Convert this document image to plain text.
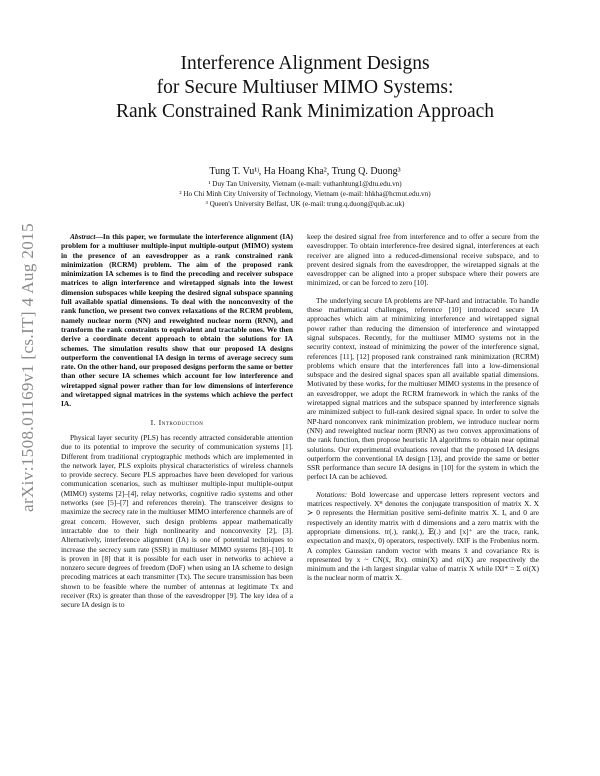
arXiv:1508.01169v1 [cs.IT] 4 Aug 2015
Interference Alignment Designs
for Secure Multiuser MIMO Systems:
Rank Constrained Rank Minimization Approach
Tung T. Vu¹ʲ, Ha Hoang Kha², Trung Q. Duong³
¹ Duy Tan University, Vietnam (e-mail: vuthanhtung1@dtu.edu.vn)
² Ho Chi Minh City University of Technology, Vietnam (e-mail: hhkha@hcmut.edu.vn)
³ Queen's University Belfast, UK (e-mail: trung.q.duong@qub.ac.uk)

Abstract—In this paper, we formulate the interference alignment (IA) problem for a multiuser multiple-input multiple-output (MIMO) system in the presence of an eavesdropper as a rank constrained rank minimization (RCRM) problem. The aim of the proposed rank minimization IA schemes is to find the precoding and receiver subspace matrices to align interference and wiretapped signals into the lowest dimension subspaces while keeping the desired signal subspace spanning full available spatial dimensions. To deal with the nonconvexity of the rank function, we present two convex relaxations of the RCRM problem, namely nuclear norm (NN) and reweighted nuclear norm (RNN), and transform the rank constraints to equivalent and tractable ones. We then derive a coordinate decent approach to obtain the solutions for IA schemes. The simulation results show that our proposed IA designs outperform the conventional IA design in terms of average secrecy sum rate. On the other hand, our proposed designs perform the same or better than other secure IA schemes which account for low interference and wiretapped signal power rather than for low dimensions of interference and wiretapped signal matrices in the systems which achieve the perfect IA.

I. Introduction

Physical layer security (PLS) has recently attracted considerable attention due to its potential to improve the security of communication systems [1]. Different from traditional cryptographic methods which are implemented in the network layer, PLS exploits physical characteristics of wireless channels to provide secrecy. Secure PLS approaches have been developed for various communication scenarios, such as multiuser multiple-input multiple-output (MIMO) systems [2]–[4], relay networks, cognitive radio systems and other networks (see [5]–[7] and references therein). The transceiver designs to maximize the secrecy rate in the multiuser MIMO interference channels are of great concern. However, such design problems appear mathematically intractable due to their high nonlinearity and nonconvexity [2], [3]. Alternatively, interference alignment (IA) is one of potential techniques to increase the secrecy sum rate (SSR) in multiuser MIMO systems [8]–[10]. It is proven in [8] that it is possible for each user in networks to achieve a nonzero secure degrees of freedom (DoF) when using an IA scheme to design precoding matrices at each transmitter (Tx). The secure transmission has been shown to be feasible where the number of antennas at legitimate Tx and receiver (Rx) is greater than those of the eavesdropper [9]. The key idea of a secure IA design is to

keep the desired signal free from interference and to offer a secure from the eavesdropper. To obtain interference-free desired signal, interferences at each receiver are aligned into a reduced-dimensional receive subspace, and to prevent desired signals from the eavesdropper, the wiretapped signals at the eavesdropper can be aligned into a proper subspace where their powers are minimized, or can be forced to zero [10].

The underlying secure IA problems are NP-hard and intractable. To handle these mathematical challenges, reference [10] introduced secure IA approaches which aim at minimizing interference and wiretapped signal power rather than reducing the dimension of interference and wiretapped signal subspaces. Recently, for the multiuser MIMO systems not in the security context, instead of minimizing the power of the interference signal, references [11], [12] proposed rank constrained rank minimization (RCRM) problems which ensure that the interferences fall into a low-dimensional subspace and the desired signal spaces span all available spatial dimensions. Motivated by these works, for the multiuser MIMO systems in the presence of an eavesdropper, we adopt the RCRM framework in which the ranks of the wiretapped signal matrices and the subspace spanned by interference signals are minimized subject to full-rank desired signal space. In order to solve the NP-hard nonconvex rank minimization problem, we introduce nuclear norm (NN) and reweighted nuclear norm (RNN) as two convex approximations of the rank function, then propose heuristic IA algorithms to obtain near optimal solutions. Our experimental evaluations reveal that the proposed IA designs outperform the conventional IA design [13], and provide the same or better SSR performance than secure IA designs in [10] for the system in which the perfect IA can be achieved.

Notations: Bold lowercase and uppercase letters represent vectors and matrices respectively. Xᴴ denotes the conjugate transposition of matrix X. X ≻ 0 represents the Hermitian positive semi-definite matrix X. Iₐ and 0 are respectively an identity matrix with d dimensions and a zero matrix with the appropriate dimensions. tr(.), rank(.), 𝔼(.) and [x]⁺ are the trace, rank, expectation and max(x, 0) operators, respectively. ‖X‖F is the Frobenius norm. A complex Gaussian random vector with means x̄ and covariance Rx is represented by x ~ CN(x̄, Rx). σmin(X) and σi(X) are respectively the minimum and the i-th largest singular value of matrix X while ‖X‖* = Σ σi(X) is the nuclear norm of matrix X.
